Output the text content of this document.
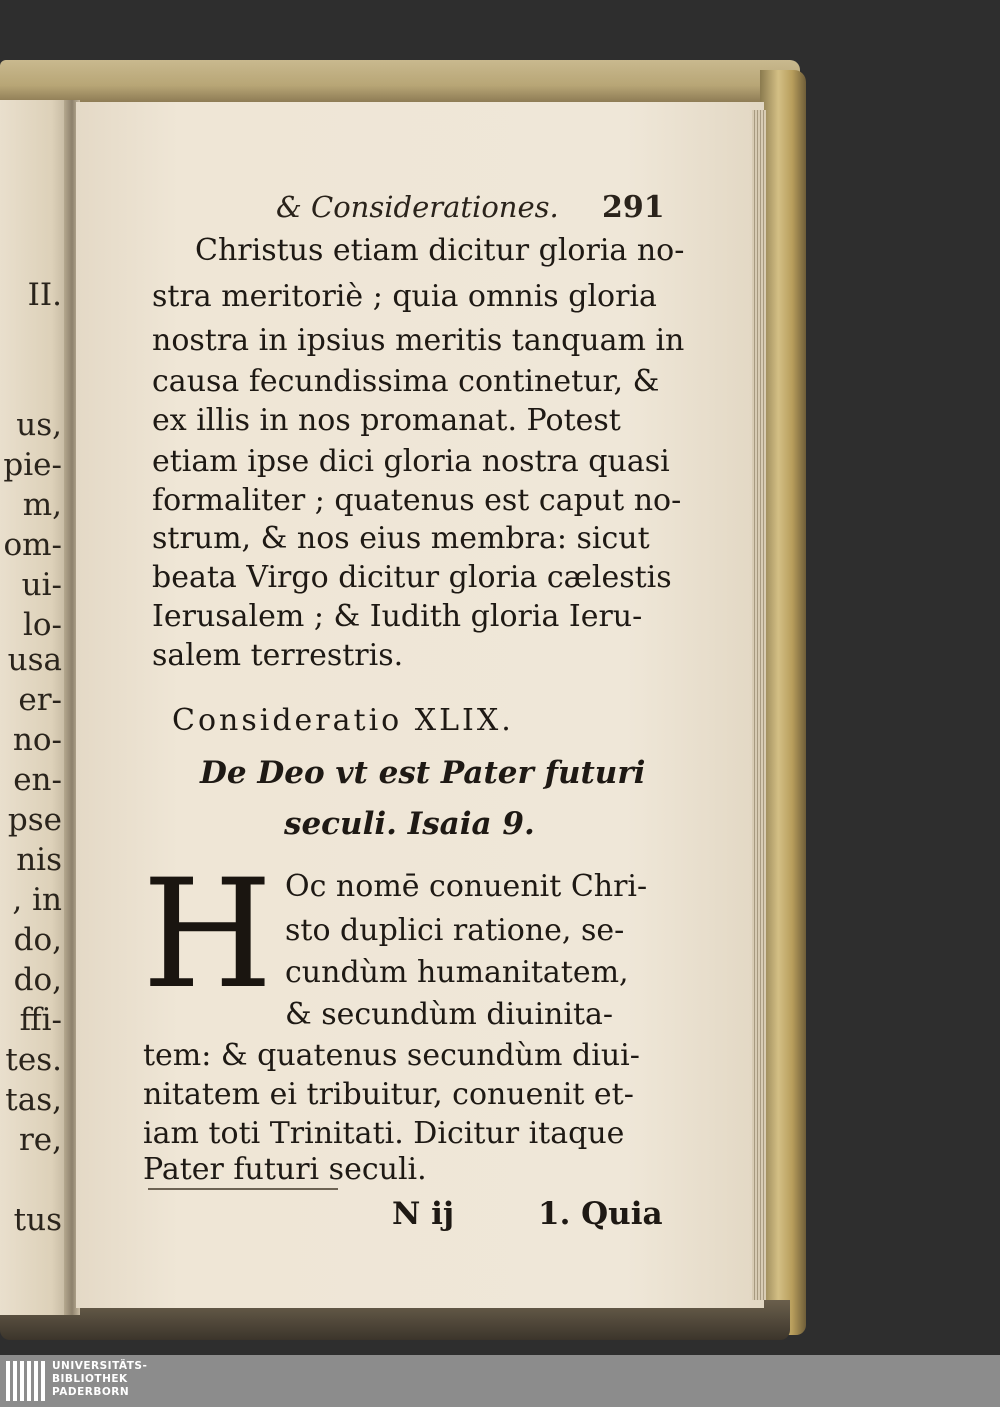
II.
us,
pie-
m,
om-
ui-
lo-
usa
er-
no-
en-
pse
nis
, in
do,
do,
ffi-
tes.
tas,
re,
tus
& Considerationes. 291
Christus etiam dicitur gloria no-
stra meritoriè ; quia omnis gloria
nostra in ipsius meritis tanquam in
causa fecundissima continetur, &
ex illis in nos promanat. Potest
etiam ipse dici gloria nostra quasi
formaliter ; quatenus est caput no-
strum, & nos eius membra: sicut
beata Virgo dicitur gloria cælestis
Ierusalem ; & Iudith gloria Ieru-
salem terrestris.
Consideratio XLIX.
De Deo vt est Pater futuri
seculi. Isaia 9.
H Oc nomē conuenit Chri-
sto duplici ratione, se-
cundùm humanitatem,
& secundùm diuinita-
tem: & quatenus secundùm diui-
nitatem ei tribuitur, conuenit et-
iam toti Trinitati. Dicitur itaque
Pater futuri seculi.
N ij	1. Quia
UNIVERSITÄTS-
BIBLIOTHEK
PADERBORN
